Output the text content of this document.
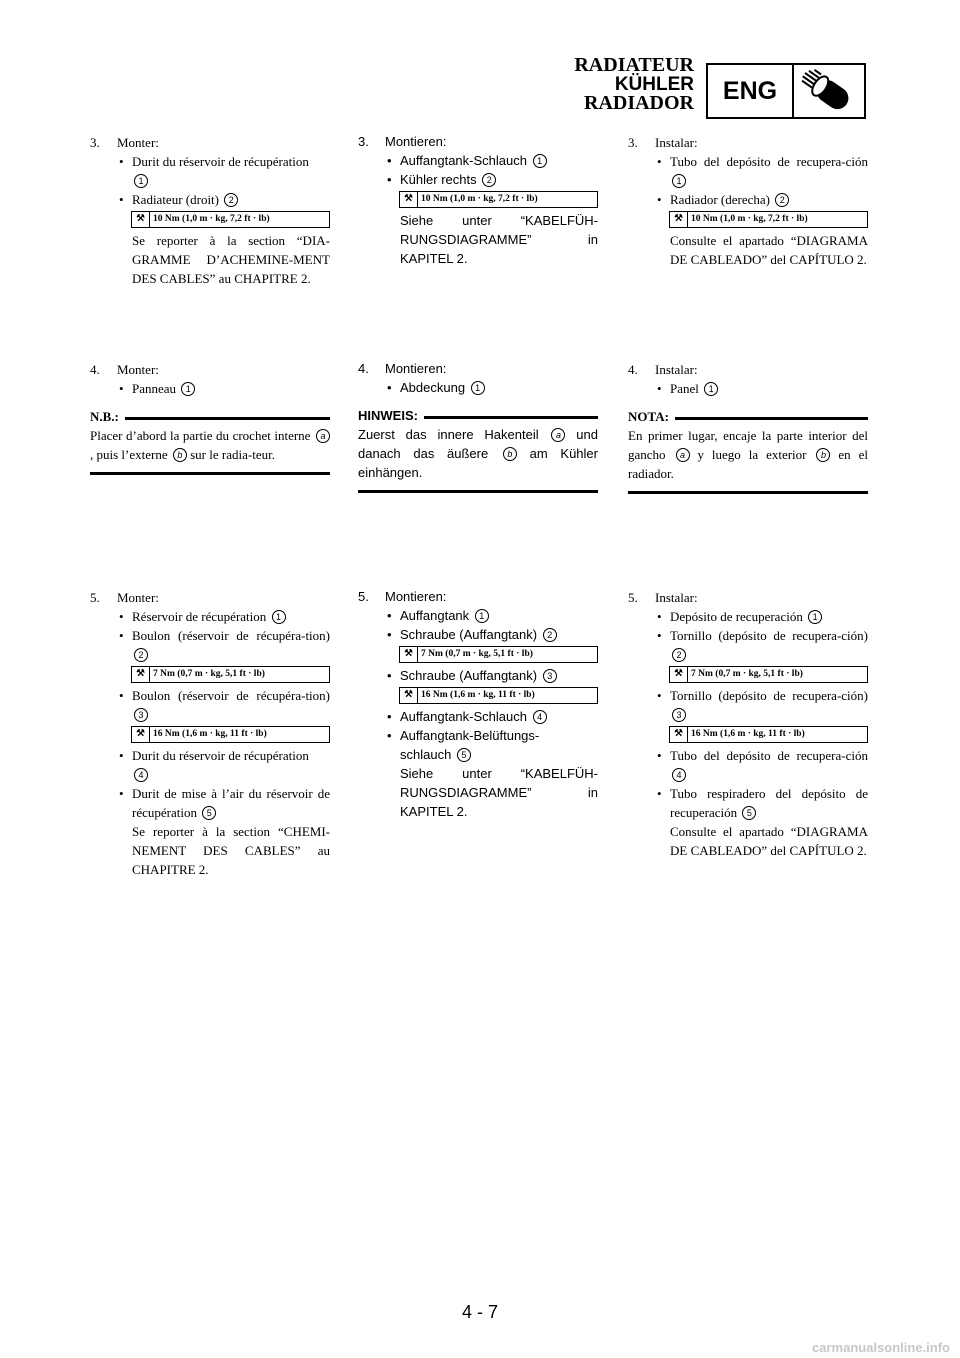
RADIATEUR
KÜHLER
RADIADOR	ENG
3. Monter:
• Durit du réservoir de récupération
1
• Radiateur (droit) 2
⚒ 10 Nm (1,0 m · kg, 7,2 ft · lb)
Se reporter à la section “DIA-GRAMME D’ACHEMINE-MENT DES CABLES” au CHAPITRE 2.
4. Monter:
• Panneau 1
N.B.:
Placer d’abord la partie du crochet interne a, puis l’externe b sur le radia-teur.
5. Monter:
• Réservoir de récupération 1
• Boulon (réservoir de récupéra-tion) 2
⚒ 7 Nm (0,7 m · kg, 5,1 ft · lb)
• Boulon (réservoir de récupéra-tion) 3
⚒ 16 Nm (1,6 m · kg, 11 ft · lb)
• Durit du réservoir de récupération
4
• Durit de mise à l’air du réservoir de récupération 5
Se reporter à la section “CHEMI-NEMENT DES CABLES” au CHAPITRE 2.
3. Montieren:
• Auffangtank-Schlauch 1
• Kühler rechts 2
⚒ 10 Nm (1,0 m · kg, 7,2 ft · lb)
Siehe unter “KABELFÜH-RUNGSDIAGRAMME” in KAPITEL 2.
4. Montieren:
• Abdeckung 1
HINWEIS:
Zuerst das innere Hakenteil a und danach das äußere b am Kühler einhängen.
5. Montieren:
• Auffangtank 1
• Schraube (Auffangtank) 2
⚒ 7 Nm (0,7 m · kg, 5,1 ft · lb)
• Schraube (Auffangtank) 3
⚒ 16 Nm (1,6 m · kg, 11 ft · lb)
• Auffangtank-Schlauch 4
• Auffangtank-Belüftungs-schlauch 5
Siehe unter “KABELFÜH-RUNGSDIAGRAMME” in KAPITEL 2.
3. Instalar:
• Tubo del depósito de recupera-ción 1
• Radiador (derecha) 2
⚒ 10 Nm (1,0 m · kg, 7,2 ft · lb)
Consulte el apartado “DIAGRAMA DE CABLEADO” del CAPÍTULO 2.
4. Instalar:
• Panel 1
NOTA:
En primer lugar, encaje la parte interior del gancho a y luego la exterior b en el radiador.
5. Instalar:
• Depósito de recuperación 1
• Tornillo (depósito de recupera-ción) 2
⚒ 7 Nm (0,7 m · kg, 5,1 ft · lb)
• Tornillo (depósito de recupera-ción) 3
⚒ 16 Nm (1,6 m · kg, 11 ft · lb)
• Tubo del depósito de recupera-ción 4
• Tubo respiradero del depósito de recuperación 5
Consulte el apartado “DIAGRAMA DE CABLEADO” del CAPÍTULO 2.
4 - 7
carmanualsonline.info
